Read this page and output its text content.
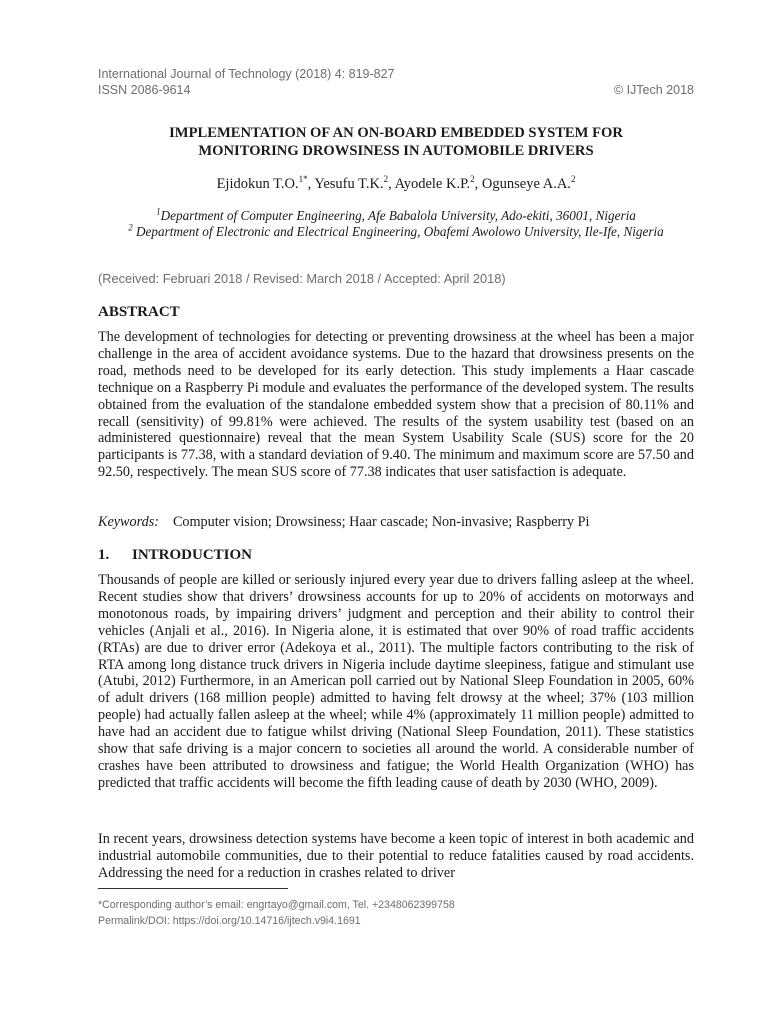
International Journal of Technology (2018) 4: 819-827
ISSN 2086-9614	© IJTech 2018
IMPLEMENTATION OF AN ON-BOARD EMBEDDED SYSTEM FOR
MONITORING DROWSINESS IN AUTOMOBILE DRIVERS
Ejidokun T.O.$^{1*}$, Yesufu T.K.$^2$, Ayodele K.P.$^2$, Ogunseye A.A.$^2$
$^1$Department of Computer Engineering, Afe Babalola University, Ado-ekiti, 36001, Nigeria
$^2$ Department of Electronic and Electrical Engineering, Obafemi Awolowo University, Ile-Ife, Nigeria
(Received: Februari 2018 / Revised: March 2018 / Accepted: April 2018)
ABSTRACT
The development of technologies for detecting or preventing drowsiness at the wheel has been a major challenge in the area of accident avoidance systems. Due to the hazard that drowsiness presents on the road, methods need to be developed for its early detection. This study implements a Haar cascade technique on a Raspberry Pi module and evaluates the performance of the developed system. The results obtained from the evaluation of the standalone embedded system show that a precision of 80.11% and recall (sensitivity) of 99.81% were achieved. The results of the system usability test (based on an administered questionnaire) reveal that the mean System Usability Scale (SUS) score for the 20 participants is 77.38, with a standard deviation of 9.40. The minimum and maximum score are 57.50 and 92.50, respectively. The mean SUS score of 77.38 indicates that user satisfaction is adequate.
Keywords: Computer vision; Drowsiness; Haar cascade; Non-invasive; Raspberry Pi
1. INTRODUCTION
Thousands of people are killed or seriously injured every year due to drivers falling asleep at the wheel. Recent studies show that drivers’ drowsiness accounts for up to 20% of accidents on motorways and monotonous roads, by impairing drivers’ judgment and perception and their ability to control their vehicles (Anjali et al., 2016). In Nigeria alone, it is estimated that over 90% of road traffic accidents (RTAs) are due to driver error (Adekoya et al., 2011). The multiple factors contributing to the risk of RTA among long distance truck drivers in Nigeria include daytime sleepiness, fatigue and stimulant use (Atubi, 2012) Furthermore, in an American poll carried out by National Sleep Foundation in 2005, 60% of adult drivers (168 million people) admitted to having felt drowsy at the wheel; 37% (103 million people) had actually fallen asleep at the wheel; while 4% (approximately 11 million people) admitted to have had an accident due to fatigue whilst driving (National Sleep Foundation, 2011). These statistics show that safe driving is a major concern to societies all around the world. A considerable number of crashes have been attributed to drowsiness and fatigue; the World Health Organization (WHO) has predicted that traffic accidents will become the fifth leading cause of death by 2030 (WHO, 2009).
In recent years, drowsiness detection systems have become a keen topic of interest in both academic and industrial automobile communities, due to their potential to reduce fatalities caused by road accidents. Addressing the need for a reduction in crashes related to driver
*Corresponding author’s email: engrtayo@gmail.com, Tel. +2348062399758
Permalink/DOI: https://doi.org/10.14716/ijtech.v9i4.1691
